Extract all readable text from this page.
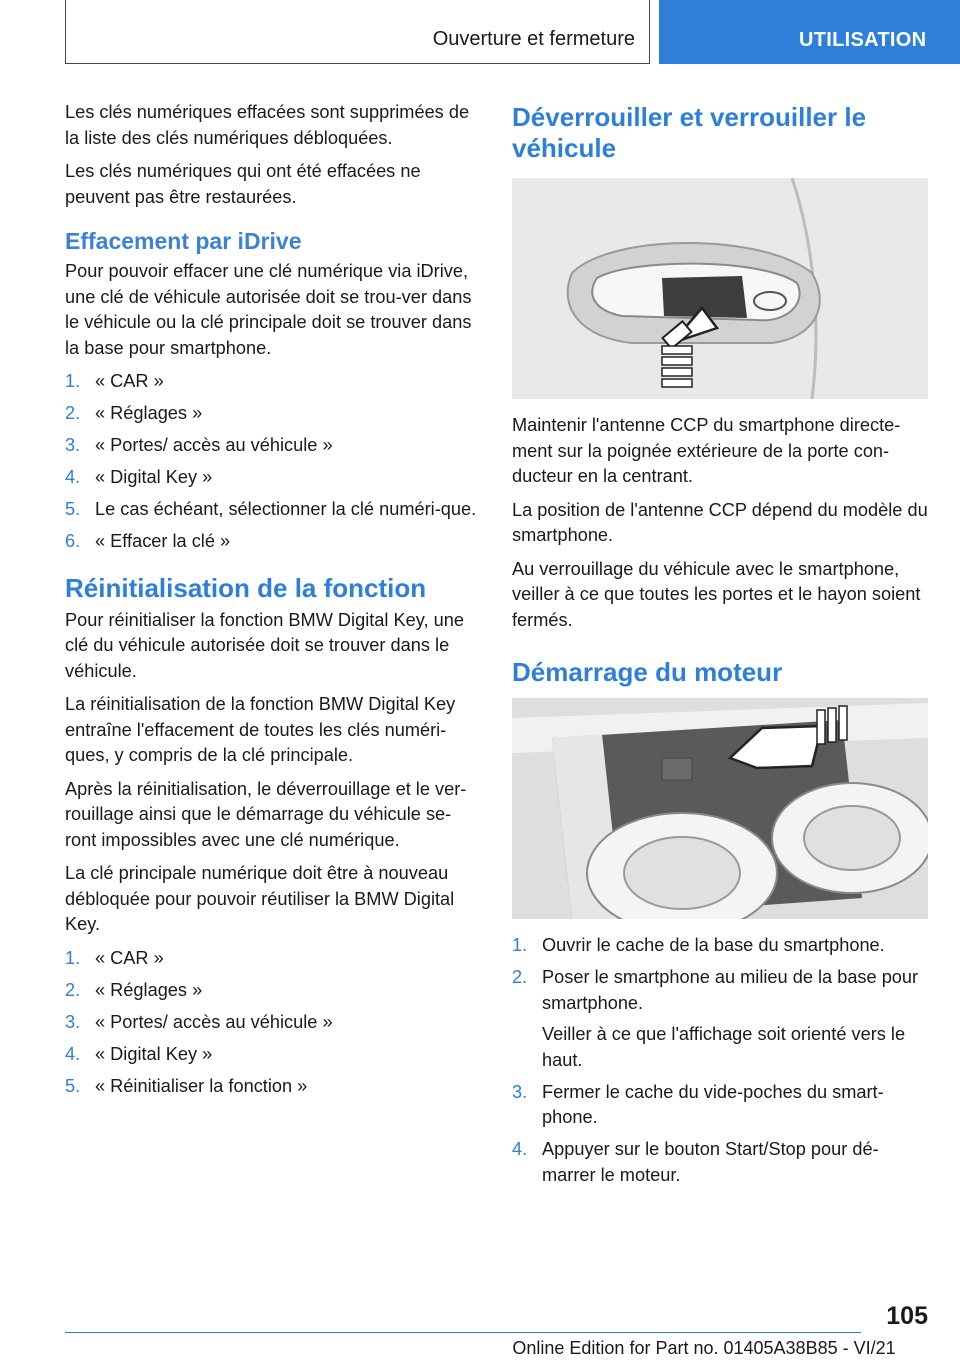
Ouverture et fermeture	UTILISATION

Les clés numériques effacées sont supprimées de la liste des clés numériques débloquées.

Les clés numériques qui ont été effacées ne peuvent pas être restaurées.

Effacement par iDrive

Pour pouvoir effacer une clé numérique via iDrive, une clé de véhicule autorisée doit se trou‐ver dans le véhicule ou la clé principale doit se trouver dans la base pour smartphone.

1. « CAR »
2. « Réglages »
3. « Portes/ accès au véhicule »
4. « Digital Key »
5. Le cas échéant, sélectionner la clé numéri‐que.
6. « Effacer la clé »
Réinitialisation de la fonction

Pour réinitialiser la fonction BMW Digital Key, une clé du véhicule autorisée doit se trouver dans le véhicule.

La réinitialisation de la fonction BMW Digital Key entraîne l'effacement de toutes les clés numéri‐ques, y compris de la clé principale.

Après la réinitialisation, le déverrouillage et le ver‐rouillage ainsi que le démarrage du véhicule se‐ront impossibles avec une clé numérique.

La clé principale numérique doit être à nouveau débloquée pour pouvoir réutiliser la BMW Digital Key.

1. « CAR »
2. « Réglages »
3. « Portes/ accès au véhicule »
4. « Digital Key »
5. « Réinitialiser la fonction »
Déverrouiller et verrouiller le véhicule

Maintenir l'antenne CCP du smartphone directe‐ment sur la poignée extérieure de la porte con‐ducteur en la centrant.

La position de l'antenne CCP dépend du modèle du smartphone.

Au verrouillage du véhicule avec le smartphone, veiller à ce que toutes les portes et le hayon soient fermés.

Démarrage du moteur
1. Ouvrir le cache de la base du smartphone.
2. Poser le smartphone au milieu de la base pour smartphone.
Veiller à ce que l'affichage soit orienté vers le haut.
3. Fermer le cache du vide-poches du smart‐phone.
4. Appuyer sur le bouton Start/Stop pour dé‐marrer le moteur.
105
Online Edition for Part no. 01405A38B85 - VI/21
